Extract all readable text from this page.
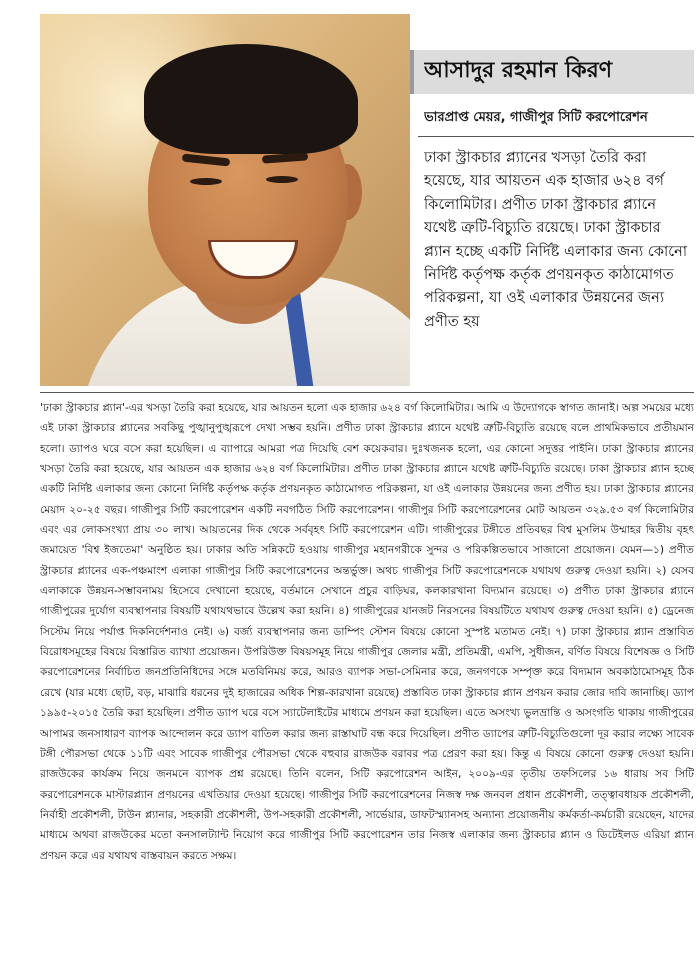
আসাদুর রহমান কিরণ
ভারপ্রাপ্ত মেয়র, গাজীপুর সিটি করপোরেশন
ঢাকা স্ট্রাকচার প্ল্যানের খসড়া তৈরি করা হয়েছে, যার আয়তন এক হাজার ৬২৪ বর্গ কিলোমিটার। প্রণীত ঢাকা স্ট্রাকচার প্ল্যানে যথেষ্ট ত্রুটি-বিচ্যুতি রয়েছে। ঢাকা স্ট্রাকচার প্ল্যান হচ্ছে একটি নির্দিষ্ট এলাকার জন্য কোনো নির্দিষ্ট কর্তৃপক্ষ কর্তৃক প্রণয়নকৃত কাঠামোগত পরিকল্পনা, যা ওই এলাকার উন্নয়নের জন্য প্রণীত হয়
'ঢাকা স্ট্রাকচার প্ল্যান'-এর খসড়া তৈরি করা হয়েছে, যার আয়তন হলো এক হাজার ৬২৪ বর্গ কিলোমিটার। আমি এ উদ্যোগকে স্বাগত জানাই। অল্প সময়ের মধ্যে এই ঢাকা স্ট্রাকচার প্ল্যানের সবকিছু পুঙ্খানুপুঙ্খরূপে দেখা সম্ভব হয়নি। প্রণীত ঢাকা স্ট্রাকচার প্ল্যানে যথেষ্ট ত্রুটি-বিচ্যুতি রয়েছে বলে প্রাথমিকভাবে প্রতীয়মান হলো। ড্যাপও ঘরে বসে করা হয়েছিল। এ ব্যাপারে আমরা পত্র দিয়েছি বেশ কয়েকবার। দুঃখজনক হলো, এর কোনো সদুত্তর পাইনি। ঢাকা স্ট্রাকচার প্ল্যানের খসড়া তৈরি করা হয়েছে, যার আয়তন এক হাজার ৬২৪ বর্গ কিলোমিটার। প্রণীত ঢাকা স্ট্রাকচার প্ল্যানে যথেষ্ট ত্রুটি-বিচ্যুতি রয়েছে। ঢাকা স্ট্রাকচার প্ল্যান হচ্ছে একটি নির্দিষ্ট এলাকার জন্য কোনো নির্দিষ্ট কর্তৃপক্ষ কর্তৃক প্রণয়নকৃত কাঠামোগত পরিকল্পনা, যা ওই এলাকার উন্নয়নের জন্য প্রণীত হয়। ঢাকা স্ট্রাকচার প্ল্যানের মেয়াদ ২০-২৫ বছর। গাজীপুর সিটি করপোরেশন একটি নবগঠিত সিটি করপোরেশন। গাজীপুর সিটি করপোরেশনের মোট আয়তন ৩২৯.৫৩ বর্গ কিলোমিটার এবং এর লোকসংখ্যা প্রায় ৩০ লাখ। আয়তনের দিক থেকে সর্ববৃহৎ সিটি করপোরেশন এটি। গাজীপুরের টঙ্গীতে প্রতিবছর বিশ্ব মুসলিম উম্মাহর দ্বিতীয় বৃহৎ জমায়েত 'বিশ্ব ইজতেমা' অনুষ্ঠিত হয়। ঢাকার অতি সন্নিকটে হওয়ায় গাজীপুর মহানগরীকে সুন্দর ও পরিকল্পিতভাবে সাজানো প্রয়োজন। যেমন—১) প্রণীত স্ট্রাকচার প্ল্যানের এক-পঞ্চমাংশ এলাকা গাজীপুর সিটি করপোরেশনের অন্তর্ভুক্ত। অথচ গাজীপুর সিটি করপোরেশনকে যথাযথ গুরুত্ব দেওয়া হয়নি। ২) যেসব এলাকাকে উন্নয়ন-সম্ভাবনাময় হিসেবে দেখানো হয়েছে, বর্তমানে সেখানে প্রচুর বাড়িঘর, কলকারখানা বিদ্যমান রয়েছে। ৩) প্রণীত ঢাকা স্ট্রাকচার প্ল্যানে গাজীপুরের দুর্যোগ ব্যবস্থাপনার বিষয়টি যথাযথভাবে উল্লেখ করা হয়নি। ৪) গাজীপুরের যানজট নিরসনের বিষয়টিতে যথাযথ গুরুত্ব দেওয়া হয়নি। ৫) ড্রেনেজ সিস্টেম নিয়ে পর্যাপ্ত দিকনির্দেশনাও নেই। ৬) বর্জ্য ব্যবস্থাপনার জন্য ডাম্পিং স্টেশন বিষয়ে কোনো সুস্পষ্ট মতামত নেই। ৭) ঢাকা স্ট্রাকচার প্ল্যান প্রস্তাবিত বিরোধসমূহের বিষয়ে বিস্তারিত ব্যাখ্যা প্রয়োজন। উপরিউক্ত বিষয়সমূহ নিয়ে গাজীপুর জেলার মন্ত্রী, প্রতিমন্ত্রী, এমপি, সুধীজন, বর্ণিত বিষয়ে বিশেষজ্ঞ ও সিটি করপোরেশনের নির্বাচিত জনপ্রতিনিধিদের সঙ্গে মতবিনিময় করে, আরও ব্যাপক সভা-সেমিনার করে, জনগণকে সম্পৃক্ত করে বিদ্যমান অবকাঠামোসমূহ ঠিক রেখে (যার মধ্যে ছোট, বড়, মাঝারি ধরনের দুই হাজারের অধিক শিল্প-কারখানা রয়েছে) প্রস্তাবিত ঢাকা স্ট্রাকচার প্ল্যান প্রণয়ন করার জোর দাবি জানাচ্ছি। ড্যাপ ১৯৯৫-২০১৫ তৈরি করা হয়েছিল। প্রণীত ড্যাপ ঘরে বসে স্যাটেলাইটের মাধ্যমে প্রণয়ন করা হয়েছিল। এতে অসংখ্য ভুলভ্রান্তি ও অসংগতি থাকায় গাজীপুরের আপামর জনসাধারণ ব্যাপক আন্দোলন করে ড্যাপ বাতিল করার জন্য রাস্তাঘাট বন্ধ করে দিয়েছিল। প্রণীত ড্যাপের ত্রুটি-বিচ্যুতিগুলো দূর করার লক্ষ্যে সাবেক টঙ্গী পৌরসভা থেকে ১১টি এবং সাবেক গাজীপুর পৌরসভা থেকে বহুবার রাজউক বরাবর পত্র প্রেরণ করা হয়। কিন্তু এ বিষয়ে কোনো গুরুত্ব দেওয়া হয়নি। রাজউকের কার্যক্রম নিয়ে জনমনে ব্যাপক প্রশ্ন রয়েছে। তিনি বলেন, সিটি করপোরেশন আইন, ২০০৯-এর তৃতীয় তফসিলের ১৬ ধারায় সব সিটি করপোরেশনকে মাস্টারপ্ল্যান প্রণয়নের এখতিয়ার দেওয়া হয়েছে। গাজীপুর সিটি করপোরেশনের নিজস্ব দক্ষ জনবল প্রধান প্রকৌশলী, তত্ত্বাবধায়ক প্রকৌশলী, নির্বাহী প্রকৌশলী, টাউন প্ল্যানার, সহকারী প্রকৌশলী, উপ-সহকারী প্রকৌশলী, সার্ভেয়ার, ডাফটস্ম্যানসহ অন্যান্য প্রয়োজনীয় কর্মকর্তা-কর্মচারী রয়েছেন, যাদের মাধ্যমে অথবা রাজউকের মতো কনসালট্যান্ট নিয়োগ করে গাজীপুর সিটি করপোরেশন তার নিজস্ব এলাকার জন্য স্ট্রাকচার প্ল্যান ও ডিটেইলড এরিয়া প্ল্যান প্রণয়ন করে এর যথাযথ বাস্তবায়ন করতে সক্ষম।
